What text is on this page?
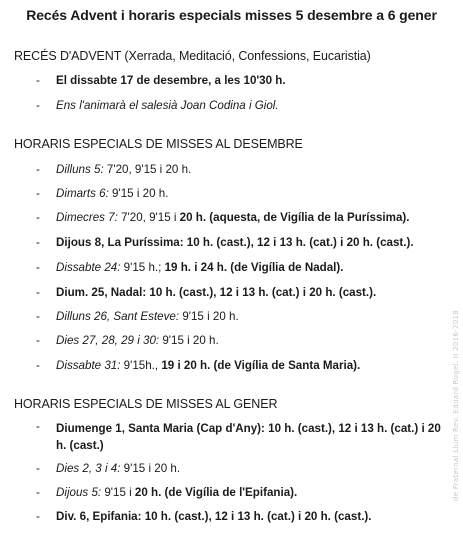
Recés Advent i horaris especials misses 5 desembre a 6 gener
RECÉS D'ADVENT (Xerrada, Meditació, Confessions, Eucaristia)
- El dissabte 17 de desembre, a les 10'30 h.
- Ens l'animarà el salesià Joan Codina i Giol.
HORARIS ESPECIALS DE MISSES AL DESEMBRE
- Dilluns 5: 7'20, 9'15 i 20 h.
- Dimarts 6: 9'15 i 20 h.
- Dimecres 7: 7'20, 9'15 i 20 h. (aquesta, de Vigília de la Puríssima).
- Dijous 8, La Puríssima: 10 h. (cast.), 12 i 13 h. (cat.) i 20 h. (cast.).
- Dissabte 24: 9'15 h.; 19 h. i 24 h. (de Vigília de Nadal).
- Dium. 25, Nadal: 10 h. (cast.), 12 i 13 h. (cat.) i 20 h. (cast.).
- Dilluns 26, Sant Esteve: 9'15 i 20 h.
- Dies 27, 28, 29 i 30: 9'15 i 20 h.
- Dissabte 31: 9'15h., 19 i 20 h. (de Vigília de Santa Maria).
HORARIS ESPECIALS DE MISSES AL GENER
- Diumenge 1, Santa Maria (Cap d'Any): 10 h. (cast.), 12 i 13 h. (cat.) i 20 h. (cast.)
- Dies 2, 3 i 4: 9'15 i 20 h.
- Dijous 5: 9'15 i 20 h. (de Vigília de l'Epifania).
- Div. 6, Epifania: 10 h. (cast.), 12 i 13 h. (cat.) i 20 h. (cast.).
de Fraternal Llum Rev. Eduard Rugel. II 2016-2018
